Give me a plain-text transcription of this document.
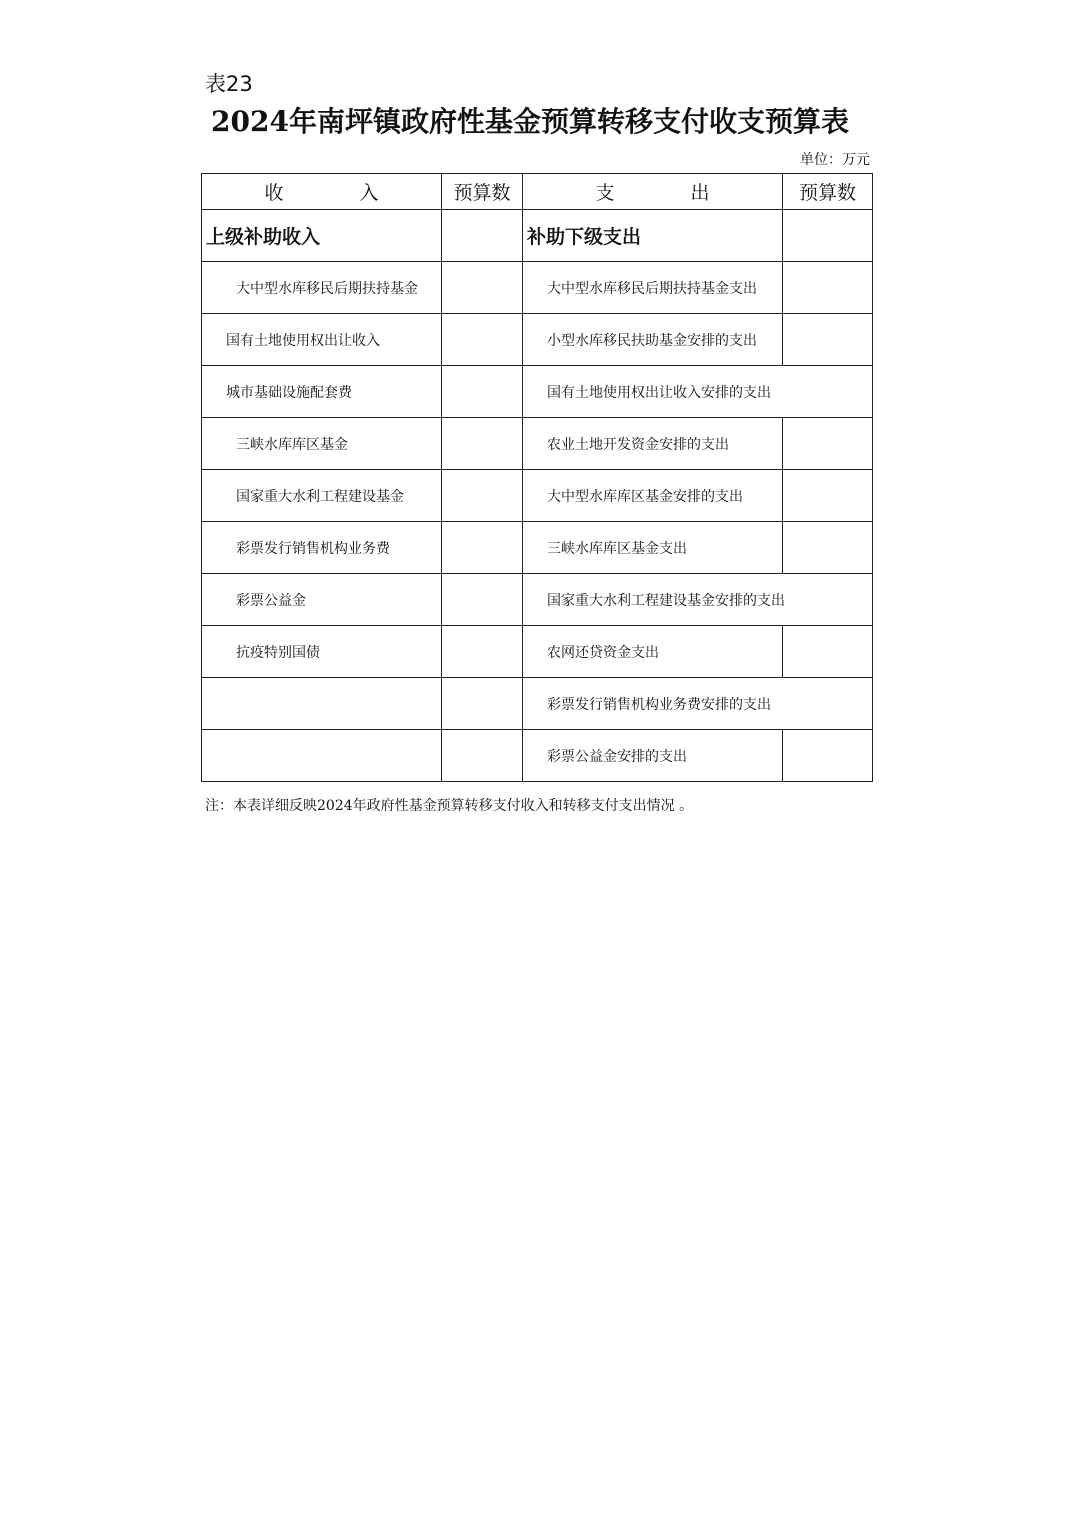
表23
2024年南坪镇政府性基金预算转移支付收支预算表
单位：万元
收　　　　入	预算数	支　　　　出	预算数
上级补助收入		补助下级支出	
大中型水库移民后期扶持基金		大中型水库移民后期扶持基金支出	
国有土地使用权出让收入		小型水库移民扶助基金安排的支出	
城市基础设施配套费		国有土地使用权出让收入安排的支出	
三峡水库库区基金		农业土地开发资金安排的支出	
国家重大水利工程建设基金		大中型水库库区基金安排的支出	
彩票发行销售机构业务费		三峡水库库区基金支出	
彩票公益金		国家重大水利工程建设基金安排的支出	
抗疫特别国债		农网还贷资金支出	
		彩票发行销售机构业务费安排的支出	
		彩票公益金安排的支出	
注：本表详细反映2024年政府性基金预算转移支付收入和转移支付支出情况 。
